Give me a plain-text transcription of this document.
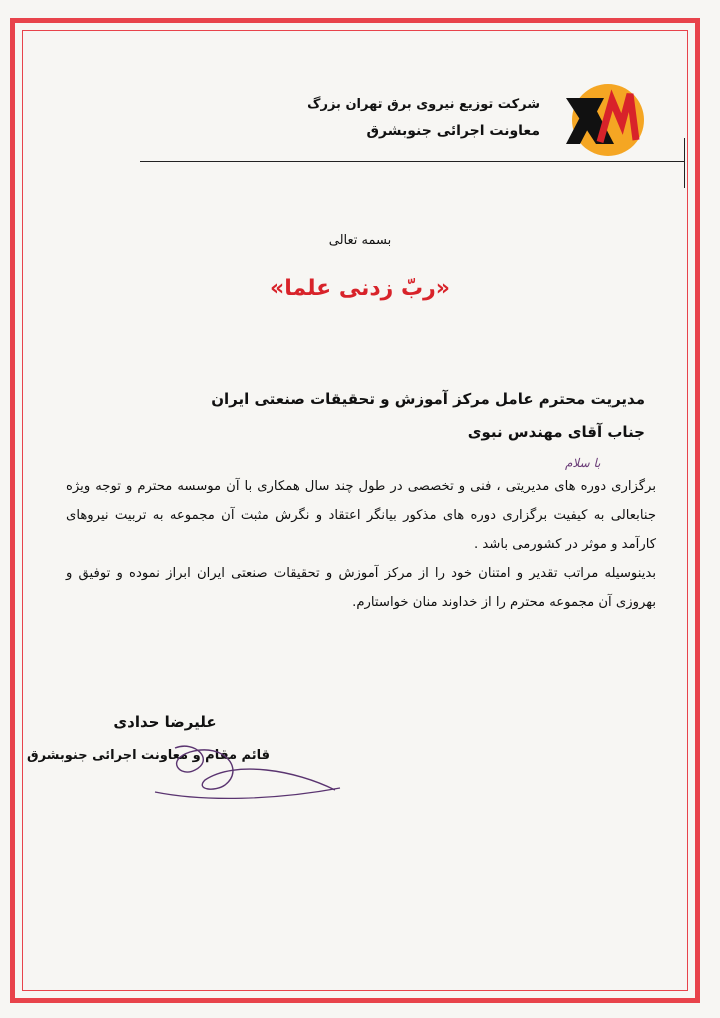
شرکت توزیع نیروی برق تهران بزرگ
معاونت اجرائی جنوبشرق
بسمه تعالی
«ربّ زدنی علما»
مدیریت محترم عامل مرکز آموزش و تحقیقات صنعتی ایران
جناب آقای مهندس نبوی
با سلام

برگزاری دوره های مدیریتی ، فنی و تخصصی در طول چند سال همکاری با آن موسسه محترم و توجه ویژه جنابعالی به کیفیت برگزاری دوره های مذکور بیانگر اعتقاد و نگرش مثبت آن مجموعه به تربیت نیروهای کارآمد و موثر در کشورمی باشد .

بدینوسیله مراتب تقدیر و امتنان خود را از مرکز آموزش و تحقیقات صنعتی ایران ابراز نموده و توفیق و بهروزی آن مجموعه محترم را از خداوند منان خواستارم.

علیرضا حدادی
قائم مقام و معاونت اجرائی جنوبشرق
